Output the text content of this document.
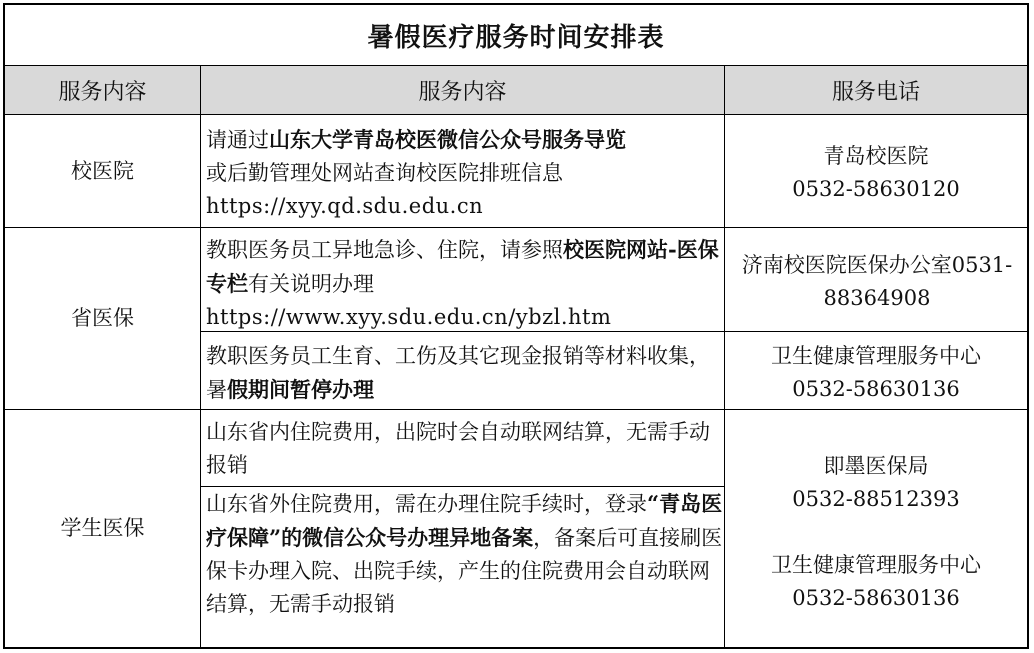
暑假医疗服务时间安排表
服务内容	服务内容	服务电话
校医院
请通过山东大学青岛校医微信公众号服务导览
或后勤管理处网站查询校医院排班信息
https://xyy.qd.sdu.edu.cn
青岛校医院
0532-58630120
省医保
教职医务员工异地急诊、住院，请参照校医院网站-医保专栏有关说明办理
https://www.xyy.sdu.edu.cn/ybzl.htm
济南校医院医保办公室0531-88364908
教职医务员工生育、工伤及其它现金报销等材料收集，暑假期间暂停办理
卫生健康管理服务中心
0532-58630136
学生医保
山东省内住院费用，出院时会自动联网结算，无需手动报销
山东省外住院费用，需在办理住院手续时，登录“青岛医疗保障”的微信公众号办理异地备案，备案后可直接刷医保卡办理入院、出院手续，产生的住院费用会自动联网结算，无需手动报销
即墨医保局
0532-88512393
卫生健康管理服务中心
0532-58630136
